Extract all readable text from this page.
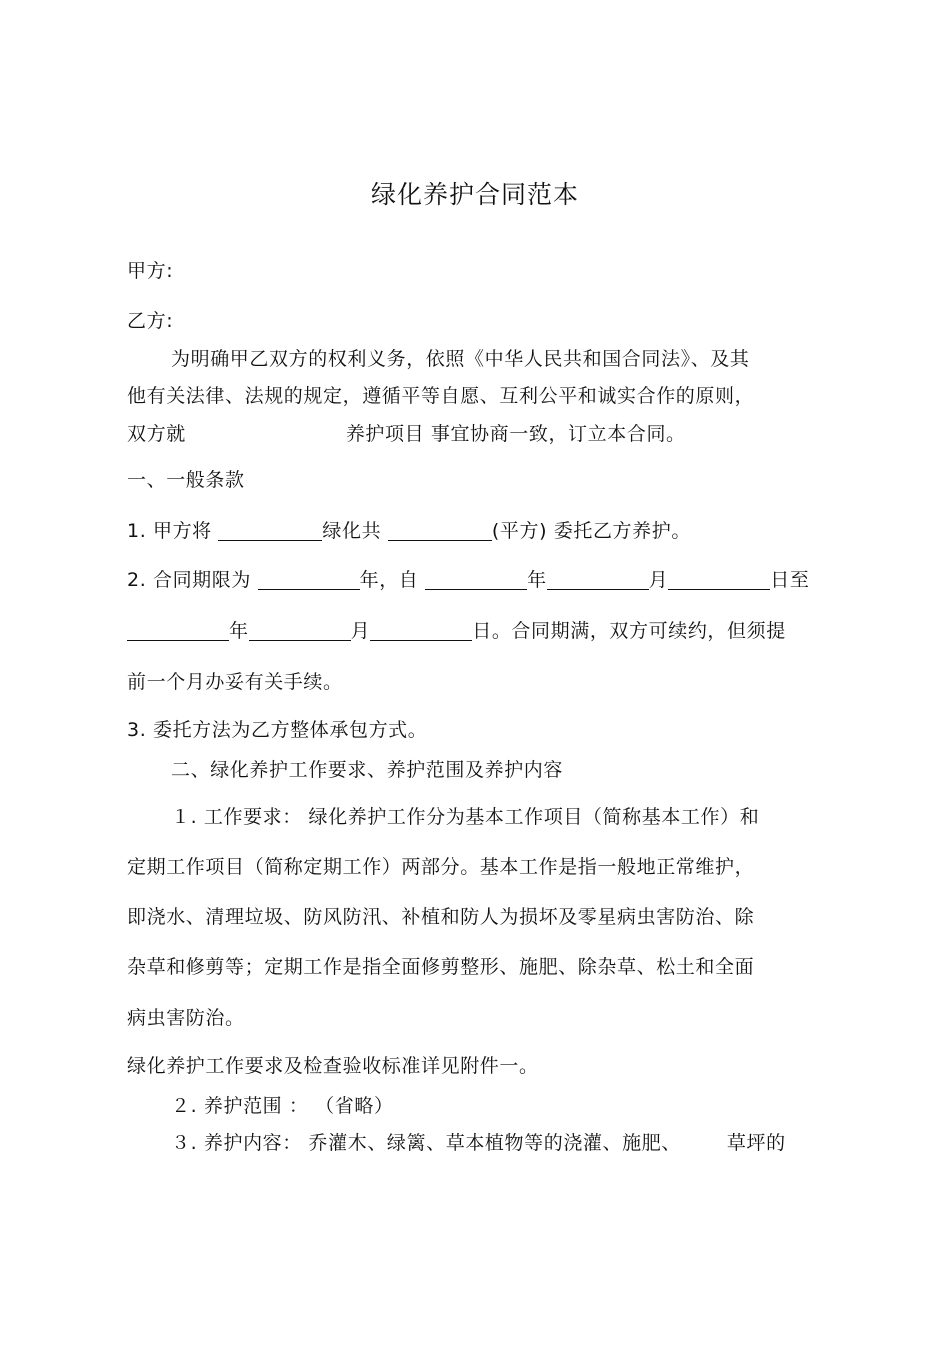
绿化养护合同范本
甲方:
乙方:
为明确甲乙双方的权利义务，依照《中华人民共和国合同法》、及其
他有关法律、法规的规定，遵循平等自愿、互利公平和诚实合作的原则，
双方就	养护项目 事宜协商一致，订立本合同。
一、一般条款
1. 甲方将	绿化共	(平方) 委托乙方养护。
2. 合同期限为	年，自	年	月	日至
年	月	日。合同期满，双方可续约，但须提
前一个月办妥有关手续。
3. 委托方法为乙方整体承包方式。
二、绿化养护工作要求、养护范围及养护内容
１. 工作要求： 绿化养护工作分为基本工作项目（简称基本工作）和
定期工作项目（简称定期工作）两部分。基本工作是指一般地正常维护，
即浇水、清理垃圾、防风防汛、补植和防人为损坏及零星病虫害防治、除
杂草和修剪等；定期工作是指全面修剪整形、施肥、除杂草、松土和全面
病虫害防治。
绿化养护工作要求及检查验收标准详见附件一。
２. 养护范围 ： （省略）
３. 养护内容： 乔灌木、绿篱、草本植物等的浇灌、施肥、 草坪的
